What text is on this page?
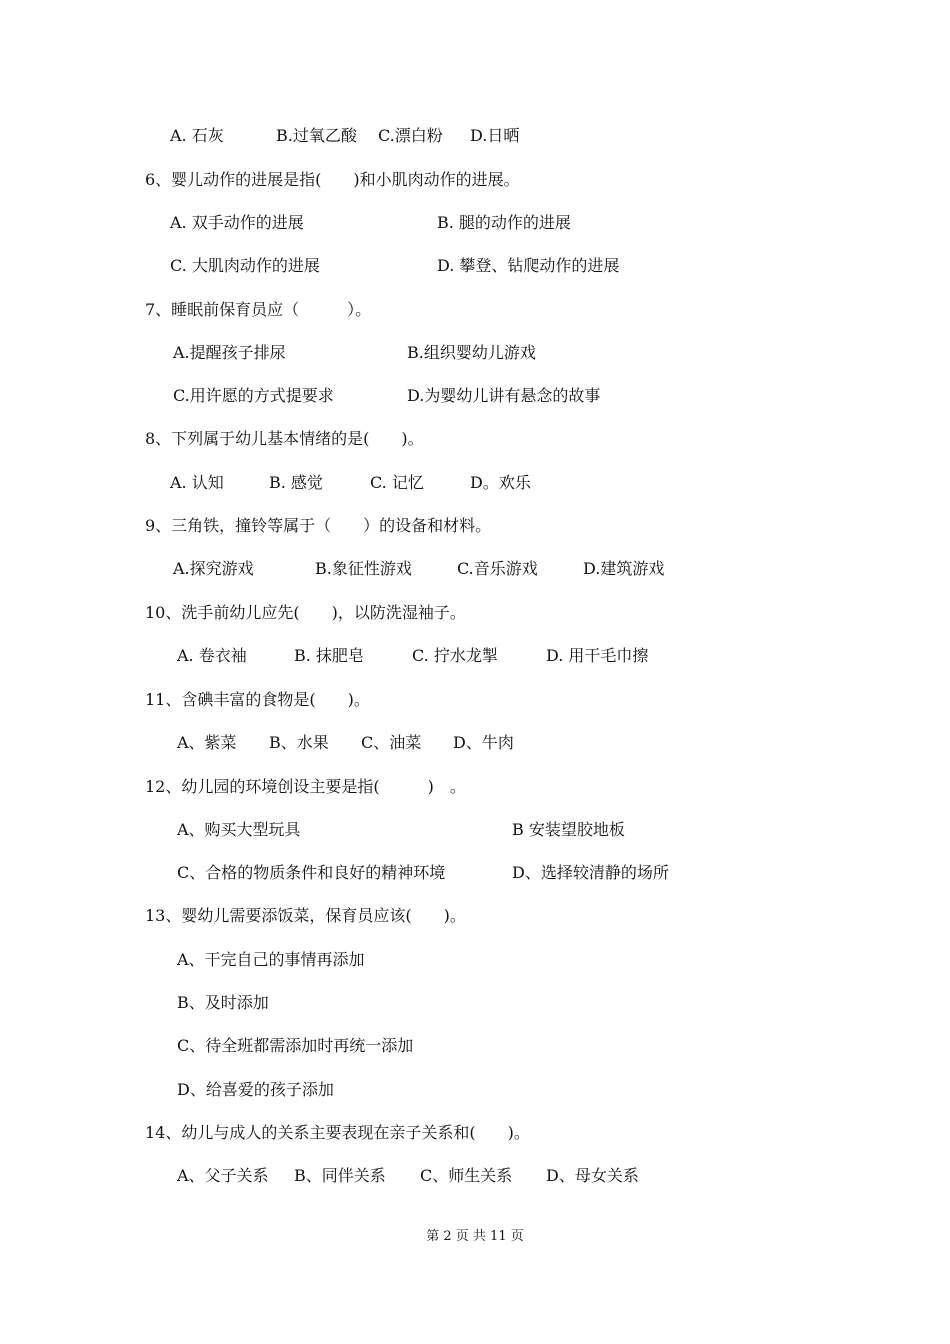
A. 石灰	B.过氧乙酸 C.漂白粉 D.日晒
6、婴儿动作的进展是指(　　)和小肌肉动作的进展。
A. 双手动作的进展	B. 腿的动作的进展
C. 大肌肉动作的进展	D. 攀登、钻爬动作的进展
7、睡眠前保育员应（　　　）。
A.提醒孩子排尿	B.组织婴幼儿游戏
C.用许愿的方式提要求	D.为婴幼儿讲有悬念的故事
8、下列属于幼儿基本情绪的是(　　)。
A. 认知	B. 感觉	C. 记忆	D。欢乐
9、三角铁，撞铃等属于（　　）的设备和材料。
A.探究游戏	B.象征性游戏	C.音乐游戏	D.建筑游戏
10、洗手前幼儿应先(　　)，以防洗湿袖子。
A. 卷衣袖	B. 抹肥皂	C. 拧水龙掣	D. 用干毛巾擦
11、含碘丰富的食物是(　　)。
A、紫菜 B、水果 C、油菜 D、牛肉
12、幼儿园的环境创设主要是指(　　　)　。
A、购买大型玩具	B 安装望胶地板
C、合格的物质条件和良好的精神环境	D、选择较清静的场所
13、婴幼儿需要添饭菜，保育员应该(　　)。
A、干完自己的事情再添加
B、及时添加
C、待全班都需添加时再统一添加
D、给喜爱的孩子添加
14、幼儿与成人的关系主要表现在亲子关系和(　　)。
A、父子关系 B、同伴关系 C、师生关系 D、母女关系
第 2 页 共 11 页
